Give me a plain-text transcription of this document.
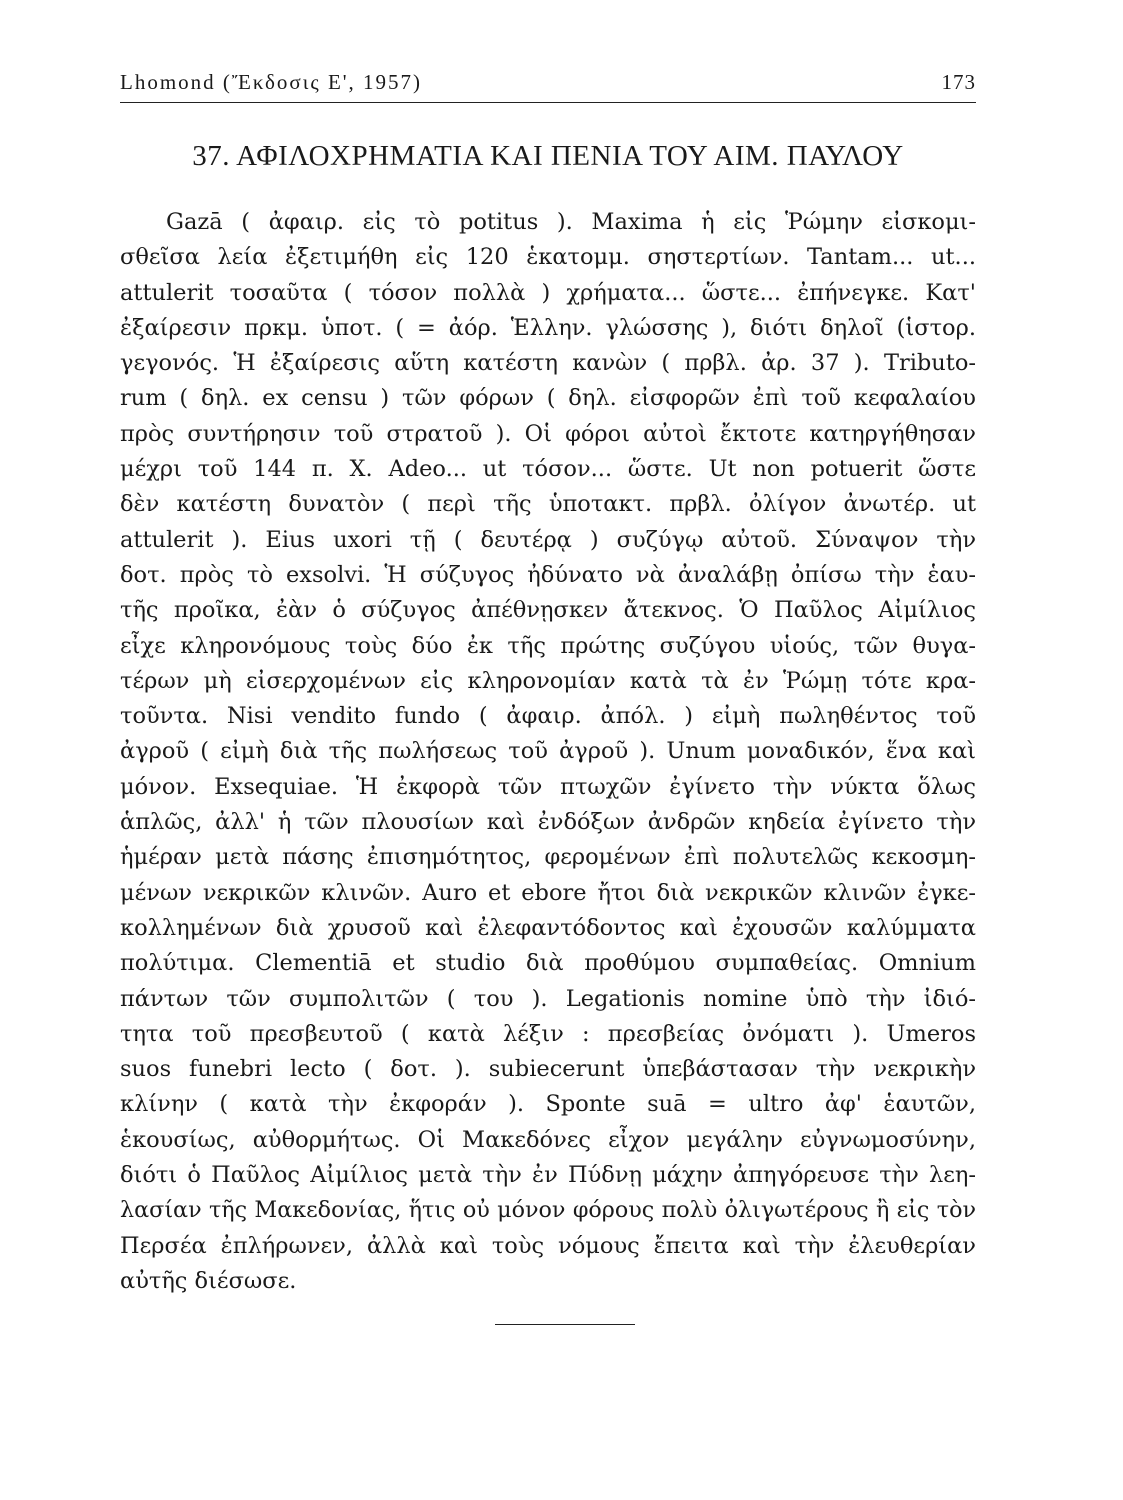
Lhomond (Ἔκδοσις Ε', 1957)	173
37. ΑΦΙΛΟΧΡΗΜΑΤΙΑ ΚΑΙ ΠΕΝΙΑ ΤΟΥ ΑΙΜ. ΠΑΥΛΟΥ
Gazā ( ἀφαιρ. εἰς τὸ potitus ). Maxima ἡ εἰς Ῥώμην εἰσκομι-
σθεῖσα λεία ἐξετιμήθη εἰς 120 ἑκατομμ. σηστερτίων. Tantam... ut...
attulerit τοσαῦτα ( τόσον πολλὰ ) χρήματα... ὥστε... ἐπήνεγκε. Κατ'
ἐξαίρεσιν πρκμ. ὑποτ. ( = ἀόρ. Ἑλλην. γλώσσης ), διότι δηλοῖ (ἱστορ.
γεγονός. Ἡ ἐξαίρεσις αὕτη κατέστη κανὼν ( πρβλ. ἀρ. 37 ). Tributo-
rum ( δηλ. ex censu ) τῶν φόρων ( δηλ. εἰσφορῶν ἐπὶ τοῦ κεφαλαίου
πρὸς συντήρησιν τοῦ στρατοῦ ). Οἱ φόροι αὐτοὶ ἔκτοτε κατηργήθησαν
μέχρι τοῦ 144 π. Χ. Adeo... ut τόσον... ὥστε. Ut non potuerit ὥστε
δὲν κατέστη δυνατὸν ( περὶ τῆς ὑποτακτ. πρβλ. ὀλίγον ἀνωτέρ. ut
attulerit ). Eius uxori τῇ ( δευτέρᾳ ) συζύγῳ αὐτοῦ. Σύναψον τὴν
δοτ. πρὸς τὸ exsolvi. Ἡ σύζυγος ἠδύνατο νὰ ἀναλάβῃ ὀπίσω τὴν ἑαυ-
τῆς προῖκα, ἐὰν ὁ σύζυγος ἀπέθνῃσκεν ἄτεκνος. Ὁ Παῦλος Αἰμίλιος
εἶχε κληρονόμους τοὺς δύο ἐκ τῆς πρώτης συζύγου υἱούς, τῶν θυγα-
τέρων μὴ εἰσερχομένων εἰς κληρονομίαν κατὰ τὰ ἐν Ῥώμῃ τότε κρα-
τοῦντα. Nisi vendito fundo ( ἀφαιρ. ἀπόλ. ) εἰμὴ πωληθέντος τοῦ
ἀγροῦ ( εἰμὴ διὰ τῆς πωλήσεως τοῦ ἀγροῦ ). Unum μοναδικόν, ἕνα καὶ
μόνον. Exsequiae. Ἡ ἐκφορὰ τῶν πτωχῶν ἐγίνετο τὴν νύκτα ὅλως
ἁπλῶς, ἀλλ' ἡ τῶν πλουσίων καὶ ἐνδόξων ἀνδρῶν κηδεία ἐγίνετο τὴν
ἡμέραν μετὰ πάσης ἐπισημότητος, φερομένων ἐπὶ πολυτελῶς κεκοσμη-
μένων νεκρικῶν κλινῶν. Auro et ebore ἤτοι διὰ νεκρικῶν κλινῶν ἐγκε-
κολλημένων διὰ χρυσοῦ καὶ ἐλεφαντόδοντος καὶ ἐχουσῶν καλύμματα
πολύτιμα. Clementiā et studio διὰ προθύμου συμπαθείας. Omnium
πάντων τῶν συμπολιτῶν ( του ). Legationis nomine ὑπὸ τὴν ἰδιό-
τητα τοῦ πρεσβευτοῦ ( κατὰ λέξιν : πρεσβείας ὀνόματι ). Umeros
suos funebri lecto ( δοτ. ). subiecerunt ὑπεβάστασαν τὴν νεκρικὴν
κλίνην ( κατὰ τὴν ἐκφοράν ). Sponte suā = ultro ἀφ' ἑαυτῶν,
ἑκουσίως, αὐθορμήτως. Οἱ Μακεδόνες εἶχον μεγάλην εὐγνωμοσύνην,
διότι ὁ Παῦλος Αἰμίλιος μετὰ τὴν ἐν Πύδνῃ μάχην ἀπηγόρευσε τὴν λεη-
λασίαν τῆς Μακεδονίας, ἥτις οὐ μόνον φόρους πολὺ ὀλιγωτέρους ἢ εἰς τὸν
Περσέα ἐπλήρωνεν, ἀλλὰ καὶ τοὺς νόμους ἔπειτα καὶ τὴν ἐλευθερίαν
αὐτῆς διέσωσε.
